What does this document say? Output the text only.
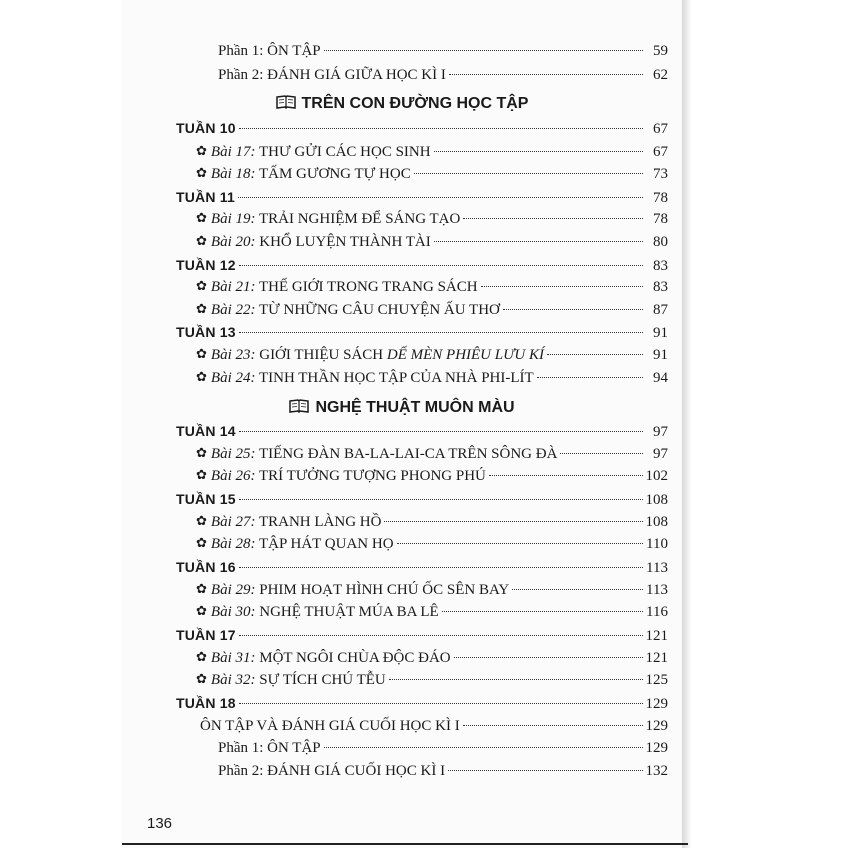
Phần 1: ÔN TẬP	59
Phần 2: ĐÁNH GIÁ GIỮA HỌC KÌ I	62
TRÊN CON ĐƯỜNG HỌC TẬP
TUẦN 10	67
✿ Bài 17: THƯ GỬI CÁC HỌC SINH	67
✿ Bài 18: TẤM GƯƠNG TỰ HỌC	73
TUẦN 11	78
✿ Bài 19: TRẢI NGHIỆM ĐỂ SÁNG TẠO	78
✿ Bài 20: KHỔ LUYỆN THÀNH TÀI	80
TUẦN 12	83
✿ Bài 21: THẾ GIỚI TRONG TRANG SÁCH	83
✿ Bài 22: TỪ NHỮNG CÂU CHUYỆN ẤU THƠ	87
TUẦN 13	91
✿ Bài 23: GIỚI THIỆU SÁCH DẾ MÈN PHIÊU LƯU KÍ	91
✿ Bài 24: TINH THẦN HỌC TẬP CỦA NHÀ PHI-LÍT	94
NGHỆ THUẬT MUÔN MÀU
TUẦN 14	97
✿ Bài 25: TIẾNG ĐÀN BA-LA-LAI-CA TRÊN SÔNG ĐÀ	97
✿ Bài 26: TRÍ TƯỞNG TƯỢNG PHONG PHÚ	102
TUẦN 15	108
✿ Bài 27: TRANH LÀNG HỒ	108
✿ Bài 28: TẬP HÁT QUAN HỌ	110
TUẦN 16	113
✿ Bài 29: PHIM HOẠT HÌNH CHÚ ỐC SÊN BAY	113
✿ Bài 30: NGHỆ THUẬT MÚA BA LÊ	116
TUẦN 17	121
✿ Bài 31: MỘT NGÔI CHÙA ĐỘC ĐÁO	121
✿ Bài 32: SỰ TÍCH CHÚ TỄU	125
TUẦN 18	129
ÔN TẬP VÀ ĐÁNH GIÁ CUỐI HỌC KÌ I	129
Phần 1: ÔN TẬP	129
Phần 2: ĐÁNH GIÁ CUỐI HỌC KÌ I	132
136
